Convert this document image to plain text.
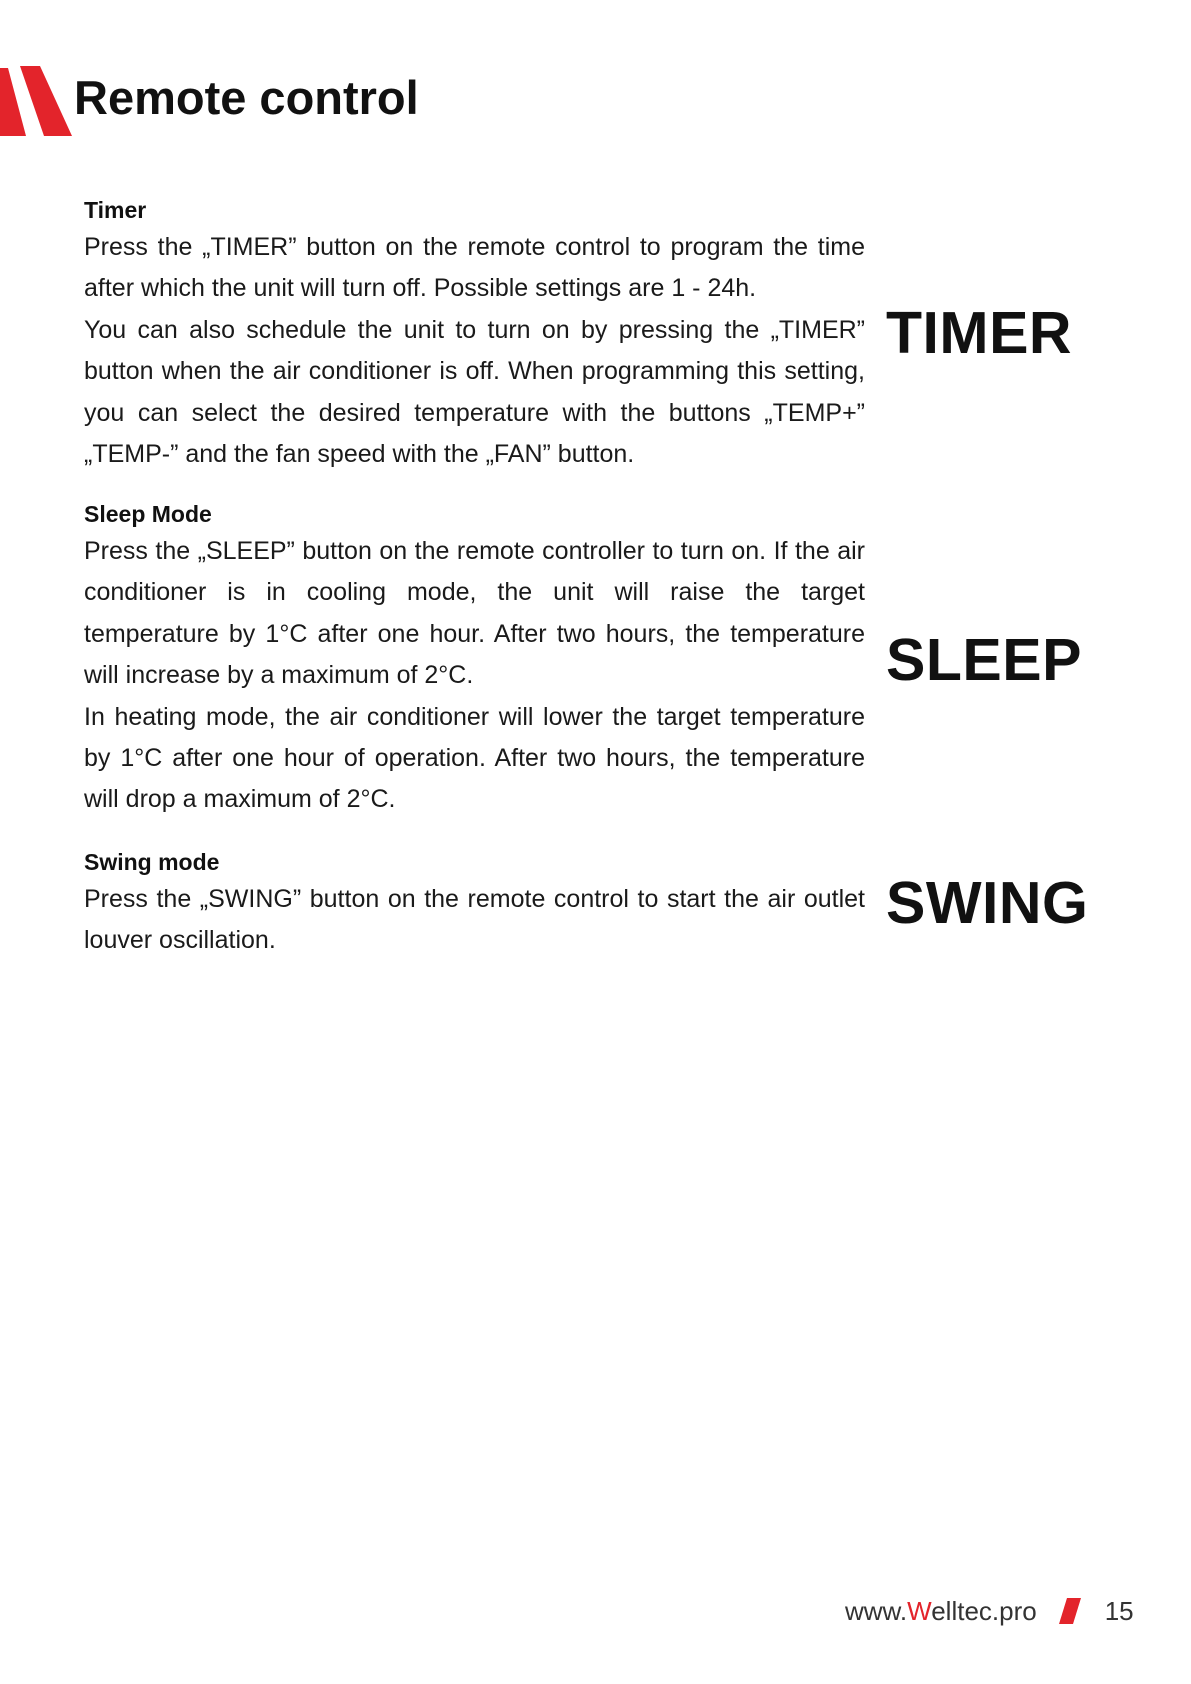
Remote control
Timer

Press the „TIMER” button on the remote control to program the time after which the unit will turn off. Possible settings are 1 - 24h.

You can also schedule the unit to turn on by pressing the „TIMER” button when the air conditioner is off. When programming this setting, you can select the desired temperature with the buttons „TEMP+” „TEMP-” and the fan speed with the „FAN” button.

TIMER
Sleep Mode

Press the „SLEEP” button on the remote controller to turn on. If the air conditioner is in cooling mode, the unit will raise the target temperature by 1°C after one hour. After two hours, the temperature will increase by a maximum of 2°C.

In heating mode, the air conditioner will lower the target temperature by 1°C after one hour of operation. After two hours, the temperature will drop a maximum of 2°C.

SLEEP
Swing mode

Press the „SWING” button on the remote control to start the air outlet louver oscillation.

SWING
www.Welltec.pro	15
